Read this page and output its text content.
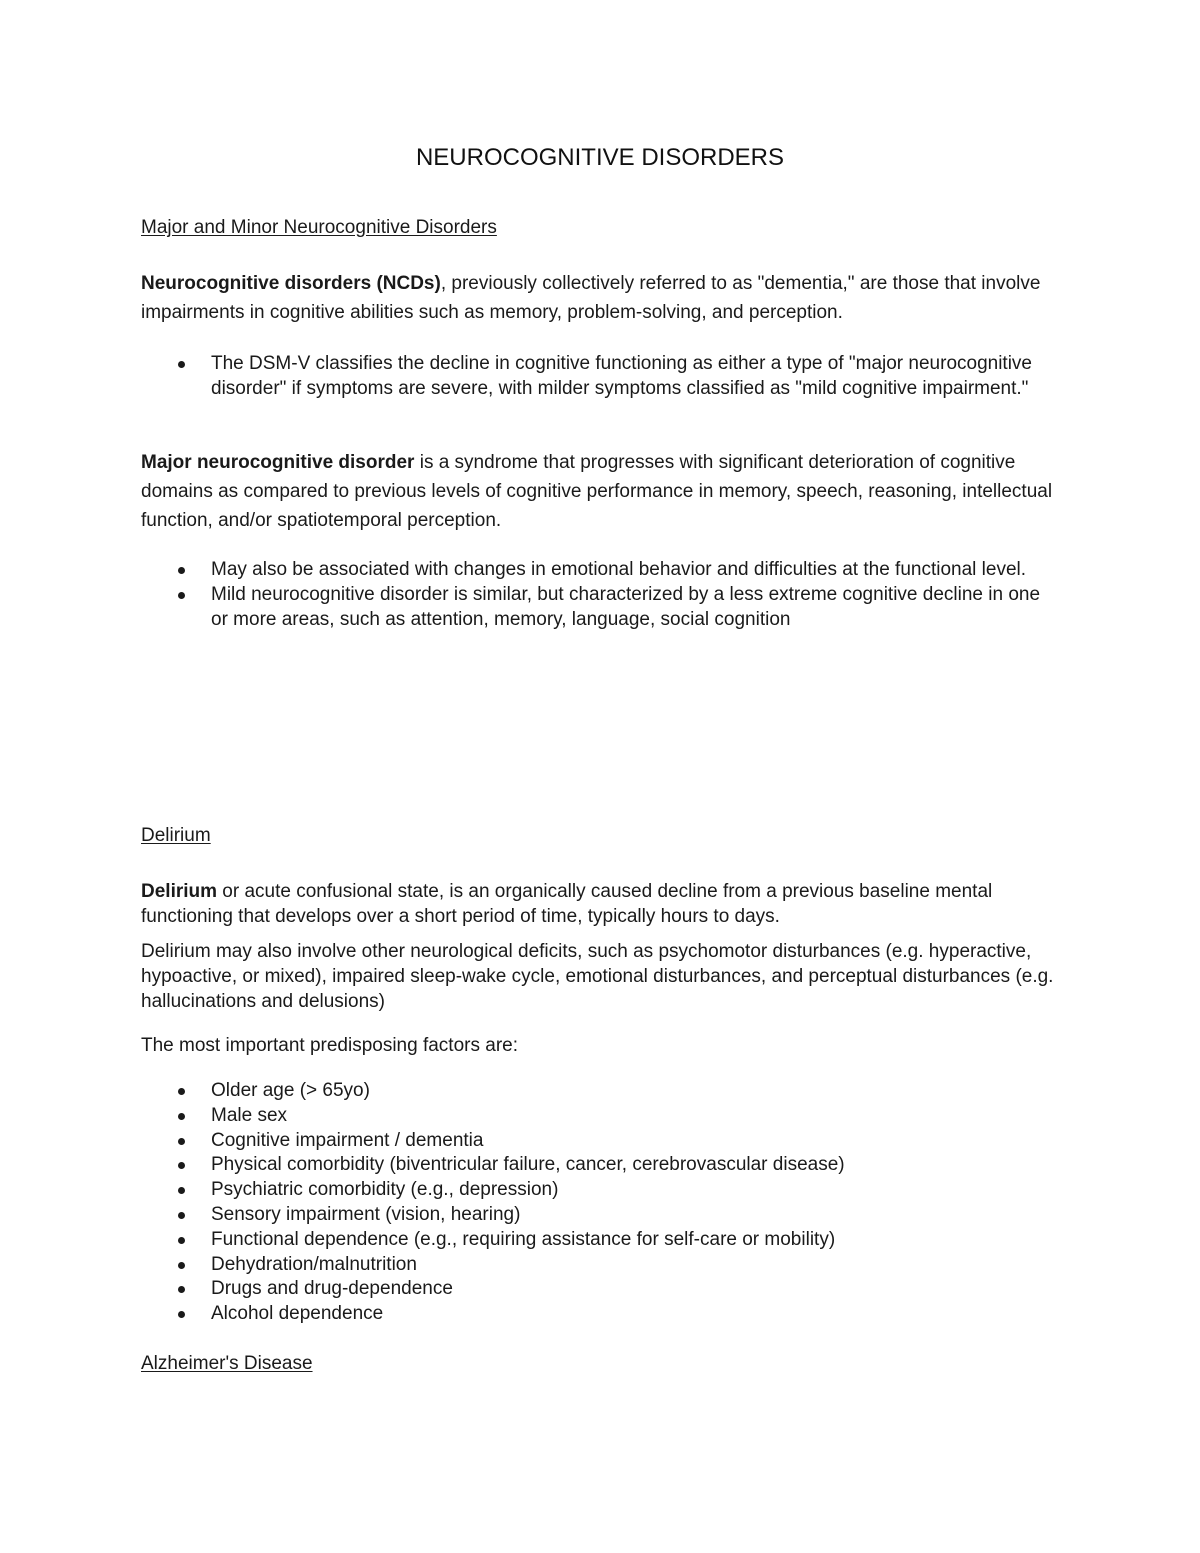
NEUROCOGNITIVE DISORDERS

Major and Minor Neurocognitive Disorders

Neurocognitive disorders (NCDs), previously collectively referred to as "dementia," are those that involve impairments in cognitive abilities such as memory, problem-solving, and perception.

The DSM-V classifies the decline in cognitive functioning as either a type of "major neurocognitive disorder" if symptoms are severe, with milder symptoms classified as "mild cognitive impairment."

Major neurocognitive disorder is a syndrome that progresses with significant deterioration of cognitive domains as compared to previous levels of cognitive performance in memory, speech, reasoning, intellectual function, and/or spatiotemporal perception.

May also be associated with changes in emotional behavior and difficulties at the functional level.
Mild neurocognitive disorder is similar, but characterized by a less extreme cognitive decline in one or more areas, such as attention, memory, language, social cognition

Delirium

Delirium or acute confusional state, is an organically caused decline from a previous baseline mental functioning that develops over a short period of time, typically hours to days.

Delirium may also involve other neurological deficits, such as psychomotor disturbances (e.g. hyperactive, hypoactive, or mixed), impaired sleep-wake cycle, emotional disturbances, and perceptual disturbances (e.g. hallucinations and delusions)

The most important predisposing factors are:

Older age (> 65yo)
Male sex
Cognitive impairment / dementia
Physical comorbidity (biventricular failure, cancer, cerebrovascular disease)
Psychiatric comorbidity (e.g., depression)
Sensory impairment (vision, hearing)
Functional dependence (e.g., requiring assistance for self-care or mobility)
Dehydration/malnutrition
Drugs and drug-dependence
Alcohol dependence

Alzheimer's Disease
